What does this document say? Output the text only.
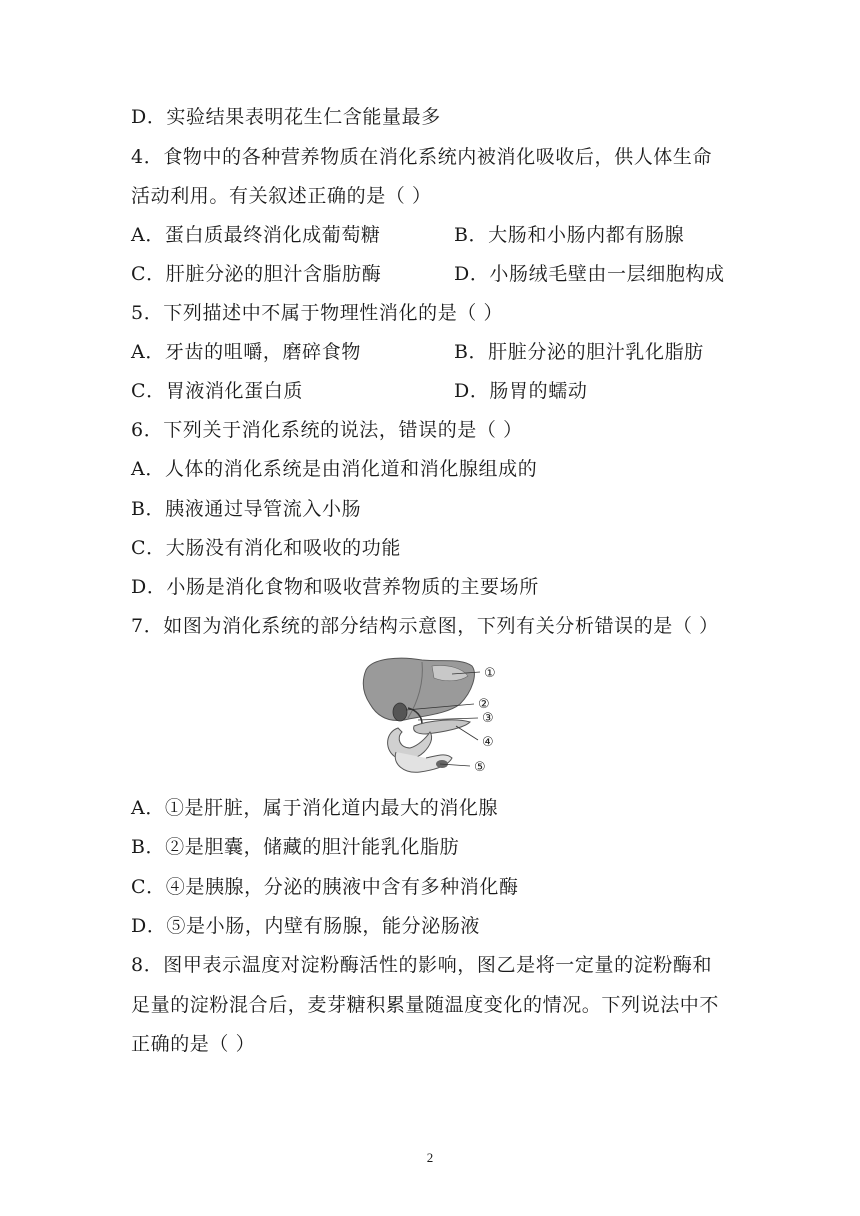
D．实验结果表明花生仁含能量最多
4．食物中的各种营养物质在消化系统内被消化吸收后，供人体生命
活动利用。有关叙述正确的是（ ）
A．蛋白质最终消化成葡萄糖	B．大肠和小肠内都有肠腺
C．肝脏分泌的胆汁含脂肪酶	D．小肠绒毛壁由一层细胞构成
5．下列描述中不属于物理性消化的是（ ）
A．牙齿的咀嚼，磨碎食物	B．肝脏分泌的胆汁乳化脂肪
C．胃液消化蛋白质	D．肠胃的蠕动
6．下列关于消化系统的说法，错误的是（ ）
A．人体的消化系统是由消化道和消化腺组成的
B．胰液通过导管流入小肠
C．大肠没有消化和吸收的功能
D．小肠是消化食物和吸收营养物质的主要场所
7．如图为消化系统的部分结构示意图，下列有关分析错误的是（ ）
①
②
③
④
⑤
A．①是肝脏，属于消化道内最大的消化腺
B．②是胆囊，储藏的胆汁能乳化脂肪
C．④是胰腺，分泌的胰液中含有多种消化酶
D．⑤是小肠，内壁有肠腺，能分泌肠液
8．图甲表示温度对淀粉酶活性的影响，图乙是将一定量的淀粉酶和
足量的淀粉混合后，麦芽糖积累量随温度变化的情况。下列说法中不
正确的是（ ）
2
